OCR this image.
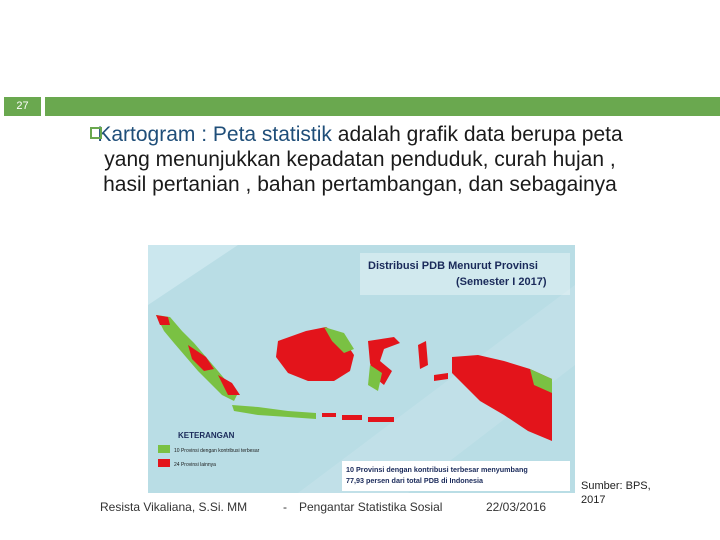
27
Kartogram : Peta statistik adalah grafik data berupa peta yang menunjukkan kepadatan penduduk, curah hujan , hasil pertanian , bahan pertambangan, dan sebagainya
Distribusi PDB Menurut Provinsi
(Semester I 2017)
KETERANGAN
10 Provinsi dengan kontribusi terbesar
24 Provinsi lainnya	10 Provinsi dengan kontribusi terbesar menyumbang
77,93 persen dari total PDB di Indonesia	Sumber: BPS,
2017
Resista Vikaliana, S.Si. MM	- Pengantar Statistika Sosial	22/03/2016
